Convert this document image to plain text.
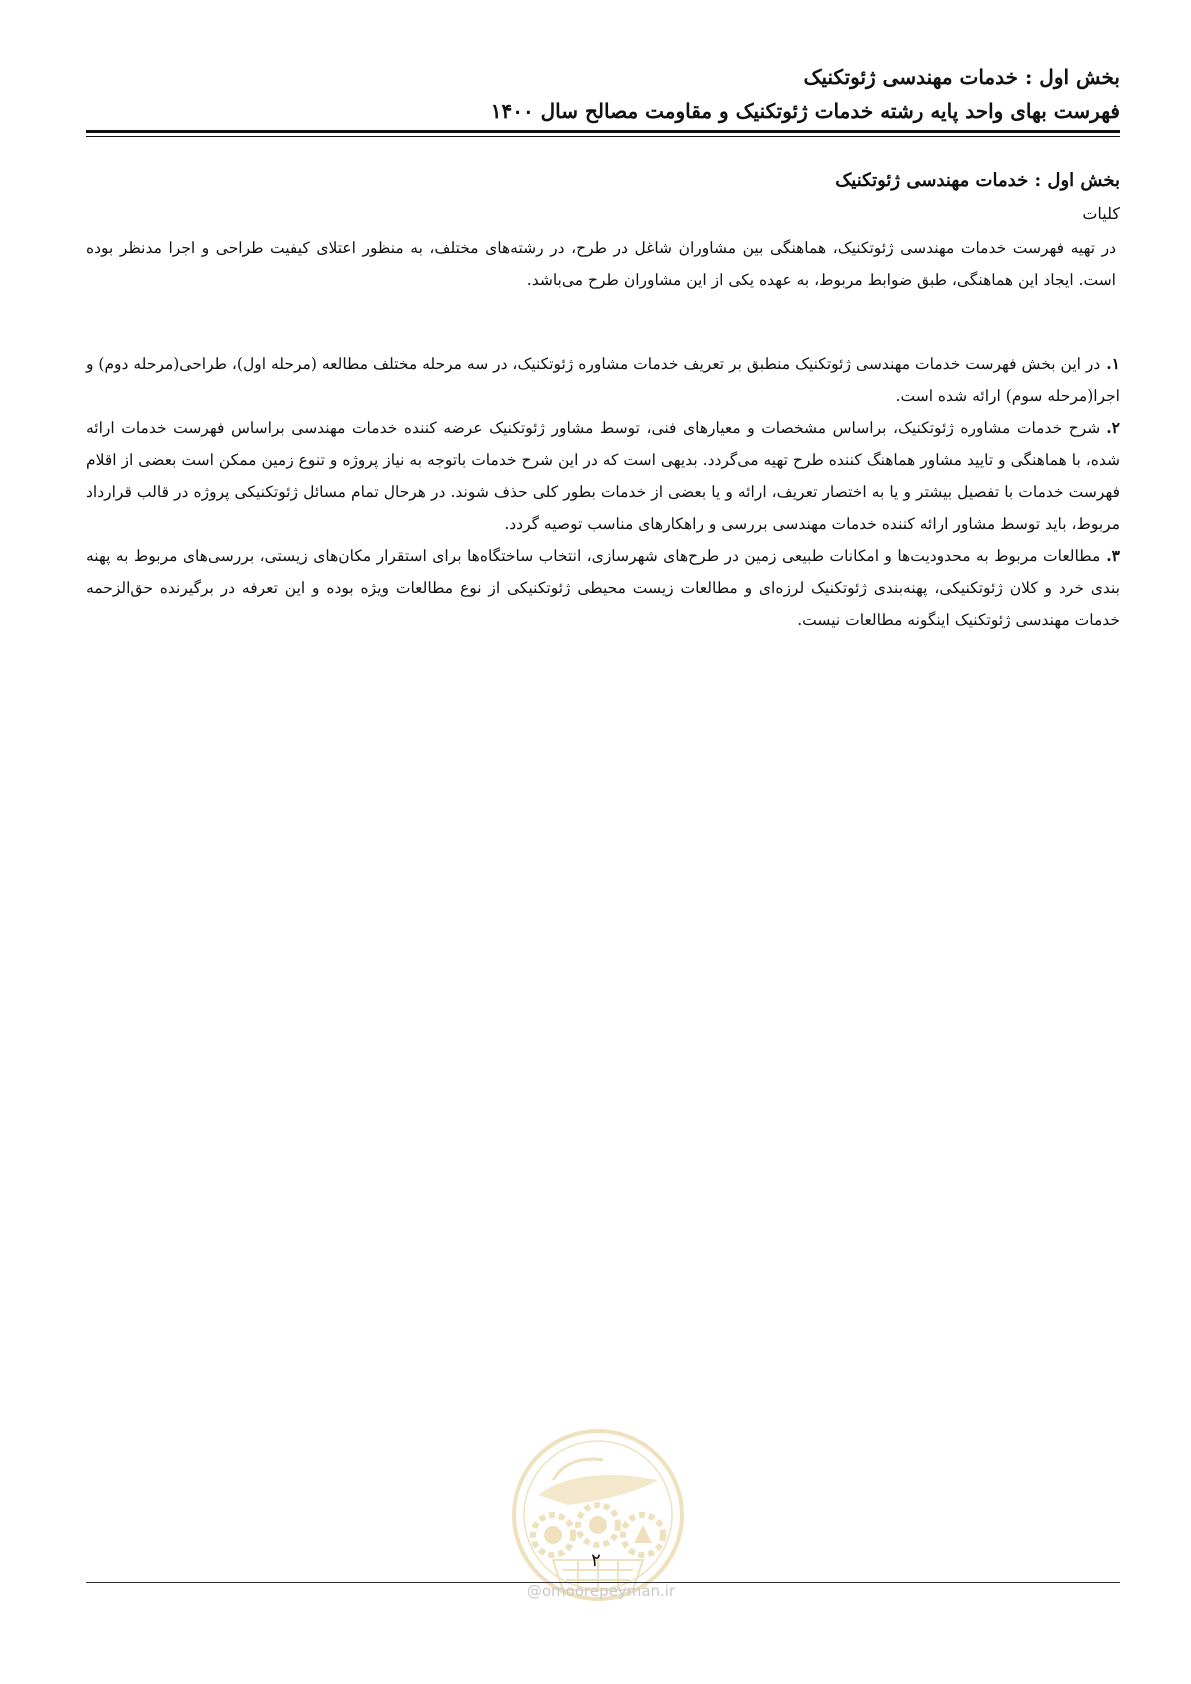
بخش اول : خدمات مهندسی ژئوتکنیک
فهرست بهای واحد پایه رشته خدمات ژئوتکنیک و مقاومت مصالح سال ۱۴۰۰
بخش اول : خدمات مهندسی ژئوتکنیک
کلیات

در تهیه فهرست خدمات مهندسی ژئوتکنیک، هماهنگی بین مشاوران شاغل در طرح، در رشته‌های مختلف، به منظور اعتلای کیفیت طراحی و اجرا مدنظر بوده است. ایجاد این هماهنگی، طبق ضوابط مربوط، به عهده یکی از این مشاوران طرح می‌باشد.

۱.در این بخش فهرست خدمات مهندسی ژئوتکنیک منطبق بر تعریف خدمات مشاوره ژئوتکنیک، در سه مرحله مختلف مطالعه (مرحله اول)، طراحی(مرحله دوم) و اجرا(مرحله سوم) ارائه شده است.

۲.شرح خدمات مشاوره ژئوتکنیک، براساس مشخصات و معیارهای فنی، توسط مشاور ژئوتکنیک عرضه کننده خدمات مهندسی براساس فهرست خدمات ارائه شده، با هماهنگی و تایید مشاور هماهنگ کننده طرح تهیه می‌گردد. بدیهی است که در این شرح خدمات باتوجه به نیاز پروژه و تنوع زمین ممکن است بعضی از اقلام فهرست خدمات با تفصیل بیشتر و یا به اختصار تعریف، ارائه و یا بعضی از خدمات بطور کلی حذف شوند. در هرحال تمام مسائل ژئوتکنیکی پروژه در قالب قرارداد مربوط، باید توسط مشاور ارائه کننده خدمات مهندسی بررسی و راهکارهای مناسب توصیه گردد.

۳.مطالعات مربوط به محدودیت‌ها و امکانات طبیعی زمین در طرح‌های شهرسازی، انتخاب ساختگاه‌ها برای استقرار مکان‌های زیستی، بررسی‌های مربوط به پهنه بندی خرد و کلان ژئوتکنیکی، پهنه‌بندی ژئوتکنیک لرزه‌ای و مطالعات زیست محیطی ژئوتکنیکی از نوع مطالعات ویژه بوده و این تعرفه در برگیرنده حق‌الزحمه خدمات مهندسی ژئوتکنیک اینگونه مطالعات نیست.

۲
@omoorepeyman.ir
